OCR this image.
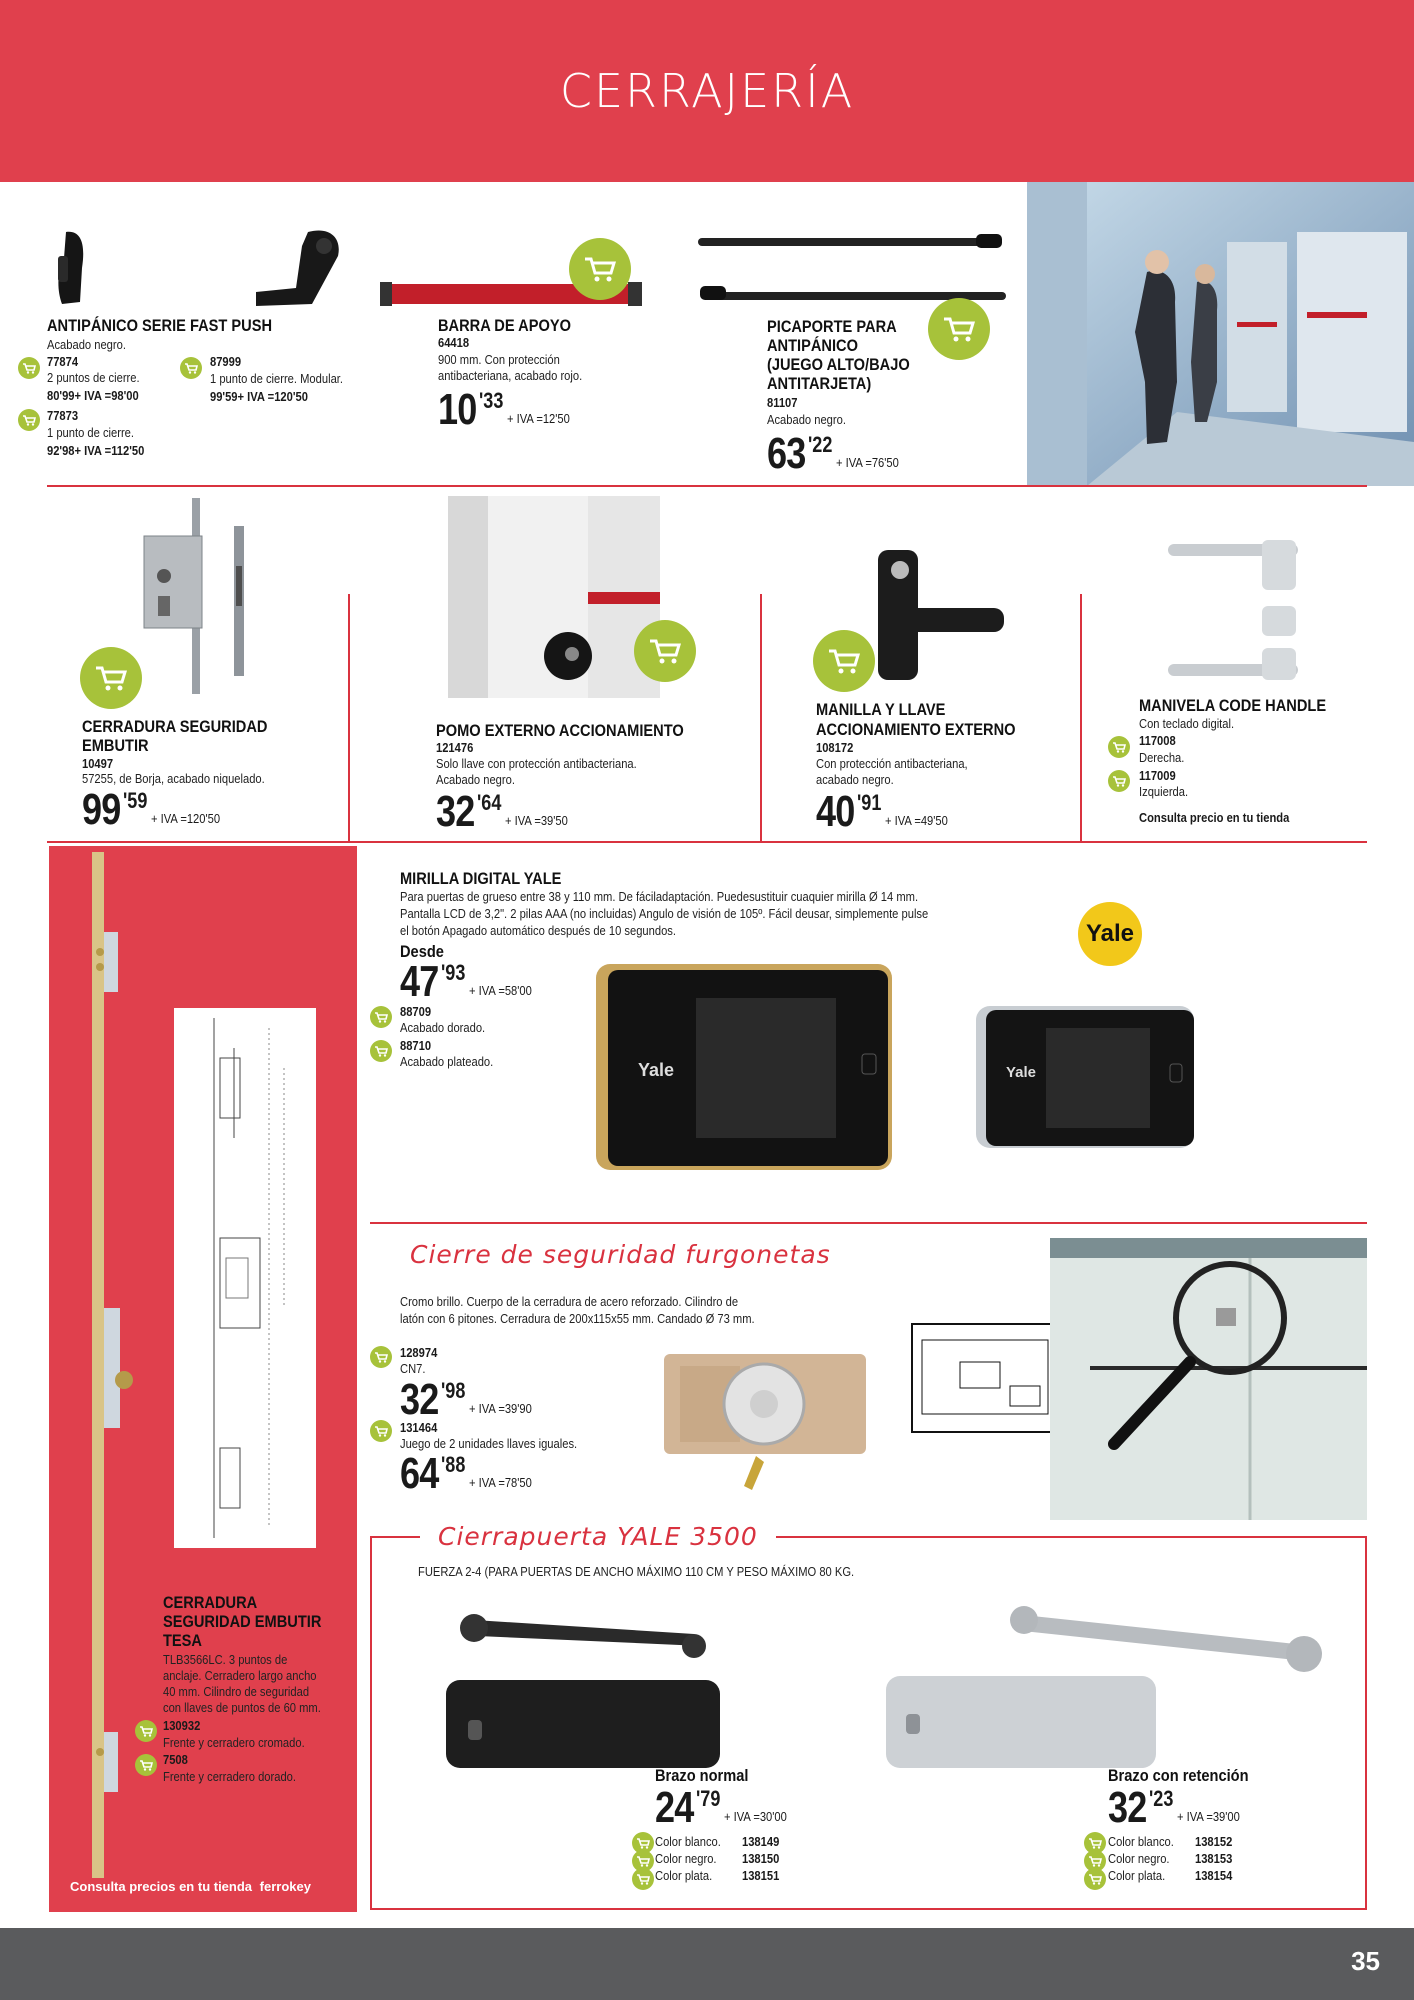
CERRAJERÍA
ANTIPÁNICO SERIE FAST PUSH
Acabado negro.
77874
2 puntos de cierre.
80'99+ IVA =98'00
87999
1 punto de cierre. Modular.
99'59+ IVA =120'50
77873
1 punto de cierre.
92'98+ IVA =112'50
BARRA DE APOYO
64418
900 mm. Con protección
antibacteriana, acabado rojo.
10 '33
+ IVA =12'50
PICAPORTE PARA
ANTIPÁNICO
(JUEGO ALTO/BAJO
ANTITARJETA)
81107
Acabado negro.
63 '22
+ IVA =76'50
CERRADURA SEGURIDAD
EMBUTIR
10497
57255, de Borja, acabado niquelado.
99 '59
+ IVA =120'50
POMO EXTERNO ACCIONAMIENTO
121476
Solo llave con protección antibacteriana.
Acabado negro.
32 '64
+ IVA =39'50
MANILLA Y LLAVE
ACCIONAMIENTO EXTERNO
108172
Con protección antibacteriana,
acabado negro.
40 '91
+ IVA =49'50
MANIVELA CODE HANDLE
Con teclado digital.
117008
Derecha.
117009
Izquierda.
Consulta precio en tu tienda
CERRADURA
SEGURIDAD EMBUTIR
TESA
TLB3566LC. 3 puntos de
anclaje. Cerradero largo ancho
40 mm. Cilindro de seguridad
con llaves de puntos de 60 mm.
130932
Frente y cerradero cromado.
7508
Frente y cerradero dorado.
Consulta precios en tu tienda ferrokey
MIRILLA DIGITAL YALE
Para puertas de grueso entre 38 y 110 mm. De fáciladaptación. Puedesustituir cuaquier mirilla Ø 14 mm.
Pantalla LCD de 3,2". 2 pilas AAA (no incluidas) Angulo de visión de 105º. Fácil deusar, simplemente pulse
el botón Apagado automático después de 10 segundos.
Desde
47 '93
+ IVA =58'00
88709
Acabado dorado.
88710
Acabado plateado.
Yale
Yale	Yale
Cierre de seguridad furgonetas
Cromo brillo. Cuerpo de la cerradura de acero reforzado. Cilindro de
latón con 6 pitones. Cerradura de 200x115x55 mm. Candado Ø 73 mm.
128974
CN7.
32 '98
+ IVA =39'90
131464
Juego de 2 unidades llaves iguales.
64 '88
+ IVA =78'50
Cierrapuerta YALE 3500
FUERZA 2-4 (PARA PUERTAS DE ANCHO MÁXIMO 110 CM Y PESO MÁXIMO 80 KG.
Brazo normal
24 '79
+ IVA =30'00
Color blanco. 138149
Color negro. 138150
Color plata. 138151
Brazo con retención
32 '23
+ IVA =39'00
Color blanco. 138152
Color negro. 138153
Color plata. 138154
35
